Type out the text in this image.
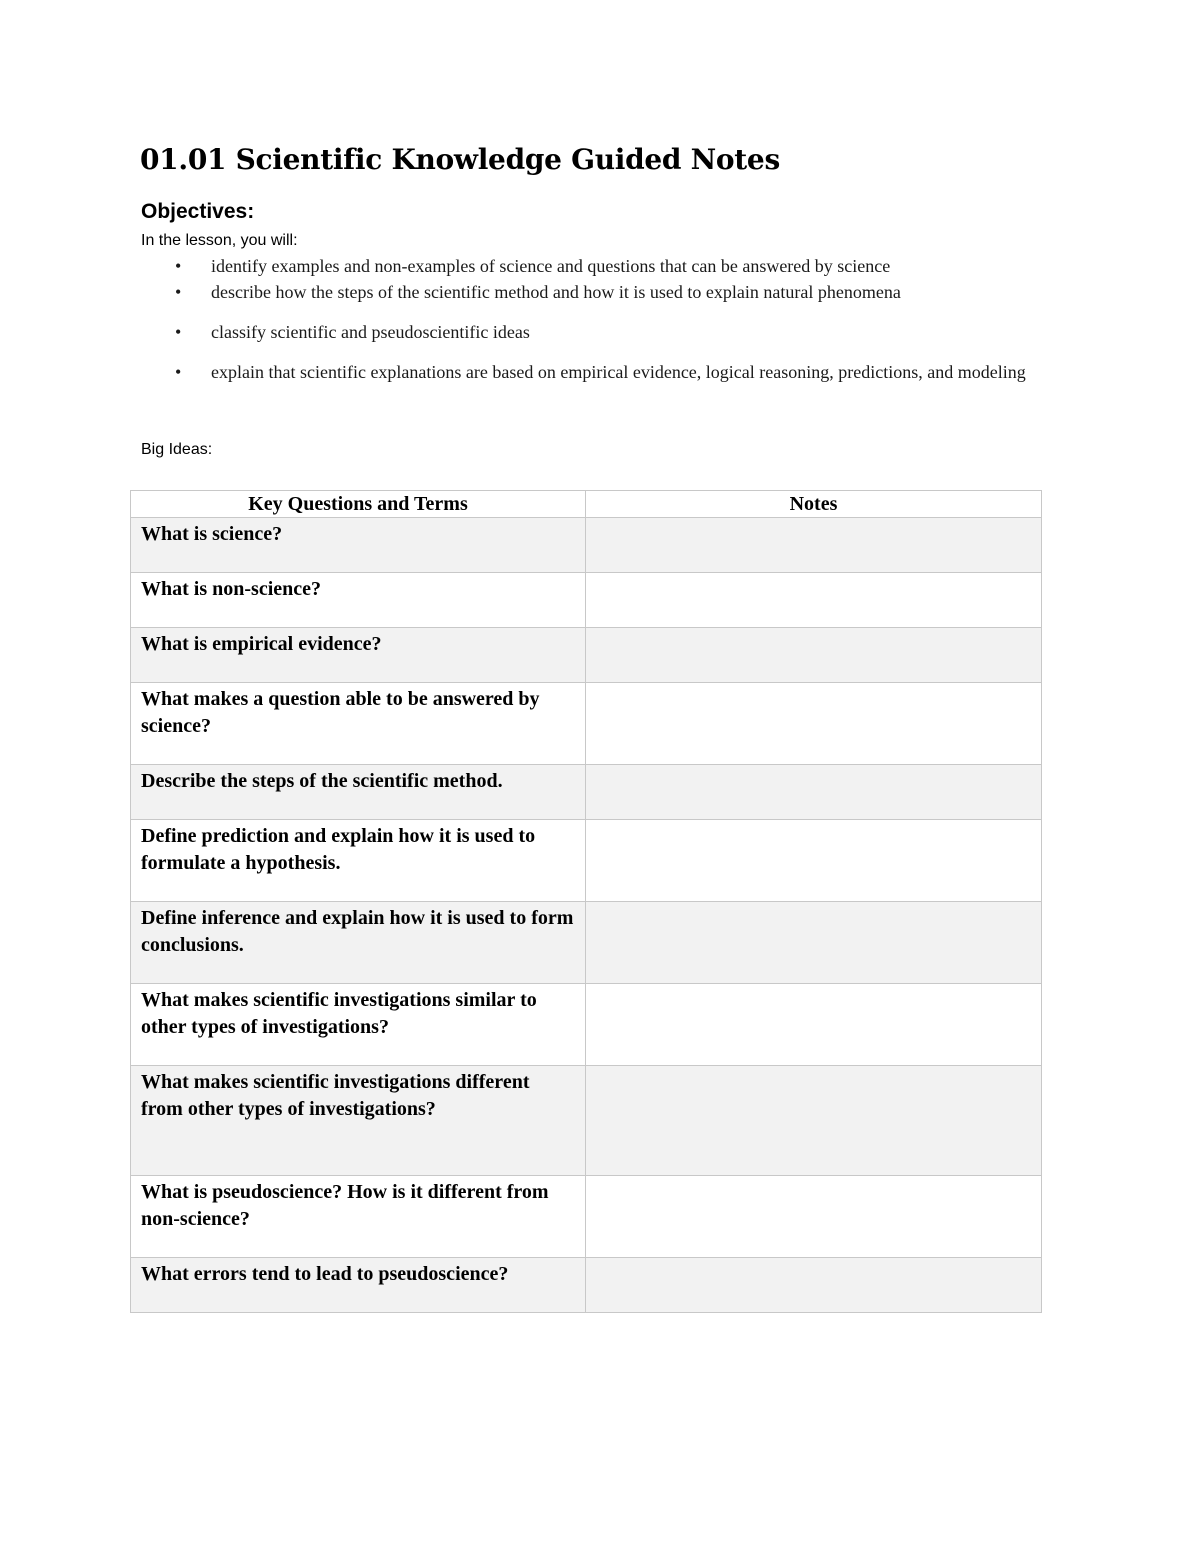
01.01 Scientific Knowledge Guided Notes
Objectives:
In the lesson, you will:
•	identify examples and non-examples of science and questions that can be answered by science
•	describe how the steps of the scientific method and how it is used to explain natural phenomena
•	classify scientific and pseudoscientific ideas
•	explain that scientific explanations are based on empirical evidence, logical reasoning, predictions, and modeling
Big Ideas:
Key Questions and Terms	Notes
What is science?	
What is non-science?	
What is empirical evidence?	
What makes a question able to be answered by science?	
Describe the steps of the scientific method.	
Define prediction and explain how it is used to formulate a hypothesis.	
Define inference and explain how it is used to form conclusions.	
What makes scientific investigations similar to other types of investigations?	
What makes scientific investigations different from other types of investigations?	
What is pseudoscience? How is it different from non-science?	
What errors tend to lead to pseudoscience?	
